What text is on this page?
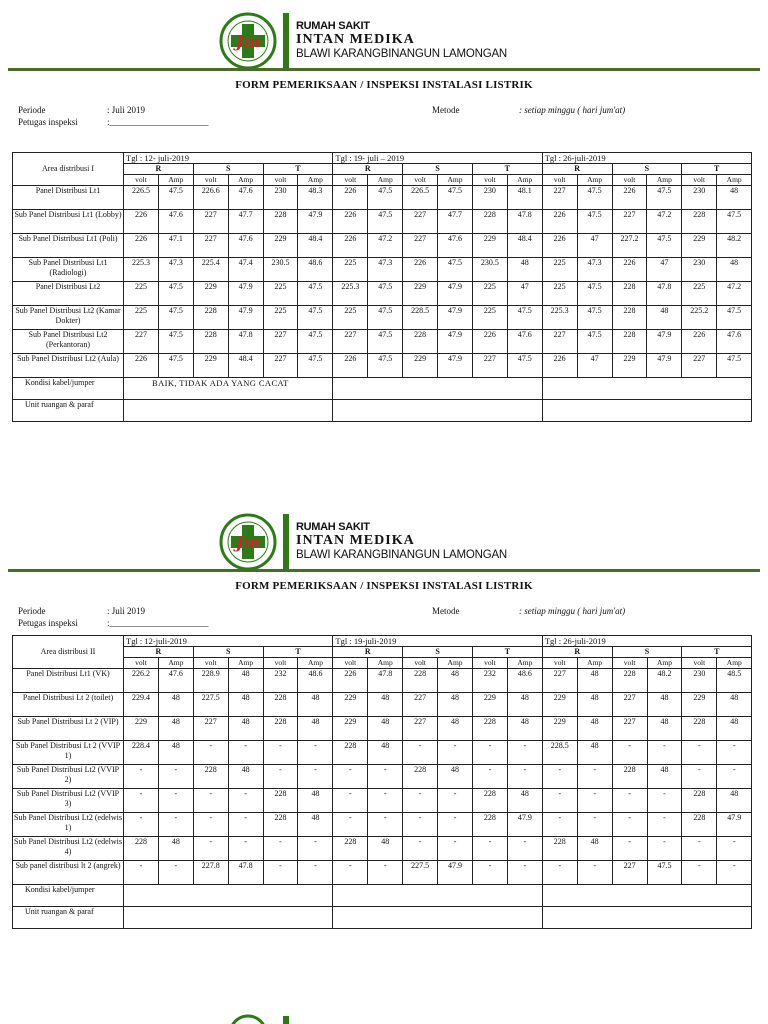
Jm
RUMAH SAKIT
INTAN MEDIKA
BLAWI KARANGBINANGUN LAMONGAN
FORM PEMERIKSAAN / INSPEKSI INSTALASI LISTRIK
Periode	: Juli 2019
Petugas inspeksi	:______________________
Metode	: setiap minggu ( hari jum'at)
Area distribusi I	Tgl : 12- juli-2019						Tgl : 19- juli – 2019						Tgl : 26-juli-2019					
	R		S		T		R		S		T		R		S		T	
	volt	Amp	volt	Amp	volt	Amp	volt	Amp	volt	Amp	volt	Amp	volt	Amp	volt	Amp	volt	Amp
Panel Distribusi Lt1	226.5	47.5	226.6	47.6	230	48.3	226	47.5	226.5	47.5	230	48.1	227	47.5	226	47.5	230	48
Sub Panel Distribusi Lt1 (Lobby)	226	47.6	227	47.7	228	47.9	226	47.5	227	47.7	228	47.8	226	47.5	227	47.2	228	47.5
Sub Panel Distribusi Lt1 (Poli)	226	47.1	227	47.6	229	48.4	226	47.2	227	47.6	229	48.4	226	47	227.2	47.5	229	48.2
Sub Panel Distribusi Lt1 (Radiologi)	225.3	47.3	225.4	47.4	230.5	48.6	225	47.3	226	47.5	230.5	48	225	47.3	226	47	230	48
Panel Distribusi Lt2	225	47.5	229	47.9	225	47.5	225.3	47.5	229	47.9	225	47	225	47.5	228	47.8	225	47.2
Sub Panel Distribusi Lt2 (Kamar Dokter)	225	47.5	228	47.9	225	47.5	225	47.5	228.5	47.9	225	47.5	225.3	47.5	228	48	225.2	47.5
Sub Panel Distribusi Lt2 (Perkantoran)	227	47.5	228	47.8	227	47.5	227	47.5	228	47.9	226	47.6	227	47.5	228	47.9	226	47.6
Sub Panel Distribusi Lt2 (Aula)	226	47.5	229	48.4	227	47.5	226	47.5	229	47.9	227	47.5	226	47	229	47.9	227	47.5
Kondisi kabel/jumper	BAIK, TIDAK ADA YANG CACAT																	
Unit ruangan & paraf																		
Jm
RUMAH SAKIT
INTAN MEDIKA
BLAWI KARANGBINANGUN LAMONGAN
FORM PEMERIKSAAN / INSPEKSI INSTALASI LISTRIK
Periode	: Juli 2019
Petugas inspeksi	:______________________
Metode	: setiap minggu ( hari jum'at)
Area distribusi II	Tgl : 12-juli-2019						Tgl : 19-juli-2019						Tgl : 26-juli-2019					
	R		S		T		R		S		T		R		S		T	
	volt	Amp	volt	Amp	volt	Amp	volt	Amp	volt	Amp	volt	Amp	volt	Amp	volt	Amp	volt	Amp
Panel Distribusi Lt1 (VK)	226.2	47.6	228.9	48	232	48.6	226	47.8	228	48	232	48.6	227	48	228	48.2	230	48.5
Panel Distribusi Lt 2 (toilet)	229.4	48	227.5	48	228	48	229	48	227	48	229	48	229	48	227	48	229	48
Sub Panel Distribusi Lt 2 (VIP)	229	48	227	48	228	48	229	48	227	48	228	48	229	48	227	48	228	48
Sub Panel Distribusi Lt 2 (VVIP 1)	228.4	48	-	-	-	-	228	48	-	-	-	-	228.5	48	-	-	-	-
Sub Panel Distribusi Lt2 (VVIP 2)	-	-	228	48	-	-	-	-	228	48	-	-	-	-	228	48	-	-
Sub Panel Distribusi Lt2 (VVIP 3)	-	-	-	-	228	48	-	-	-	-	228	48	-	-	-	-	228	48
Sub Panel Distribusi Lt2 (edelwis 1)	-	-	-	-	228	48	-	-	-	-	228	47.9	-	-	-	-	228	47.9
Sub Panel Distribusi Lt2 (edelwis 4)	228	48	-	-	-	-	228	48	-	-	-	-	228	48	-	-	-	-
Sub panel distribusi lt 2 (angrek)	-	-	227.8	47.8	-	-	-	-	227.5	47.9	-	-	-	-	227	47.5	-	-
Kondisi kabel/jumper																		
Unit ruangan & paraf																		
